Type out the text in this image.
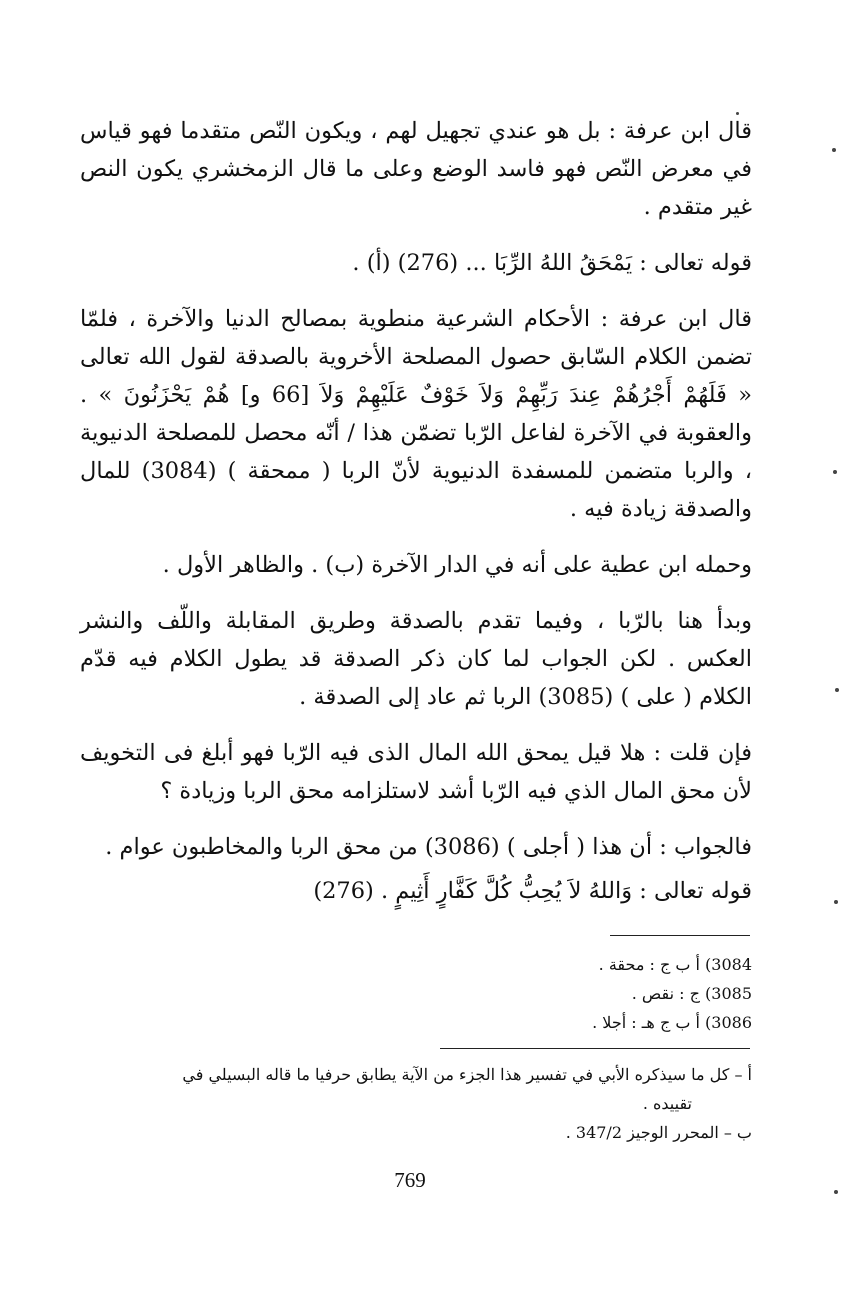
قال ابن عرفة : بل هو عندي تجهيل لهم ، ويكون النّص متقدما فهو قياس في معرض النّص فهو فاسد الوضع وعلى ما قال الزمخشري يكون النص غير متقدم .

قوله تعالى : يَمْحَقُ اللهُ الرِّبَا ... (276) (أ) .

قال ابن عرفة : الأحكام الشرعية منطوية بمصالح الدنيا والآخرة ، فلمّا تضمن الكلام السّابق حصول المصلحة الأخروية بالصدقة لقول الله تعالى « فَلَهُمْ أَجْرُهُمْ عِندَ رَبِّهِمْ وَلاَ خَوْفٌ عَلَيْهِمْ وَلاَ [66 و] هُمْ يَحْزَنُونَ » . والعقوبة في الآخرة لفاعل الرّبا تضمّن هذا / أنّه محصل للمصلحة الدنيوية ، والربا متضمن للمسفدة الدنيوية لأنّ الربا ( ممحقة ) (3084) للمال والصدقة زيادة فيه .

وحمله ابن عطية على أنه في الدار الآخرة (ب) . والظاهر الأول .

وبدأ هنا بالرّبا ، وفيما تقدم بالصدقة وطريق المقابلة واللّف والنشر العكس . لكن الجواب لما كان ذكر الصدقة قد يطول الكلام فيه قدّم الكلام ( على ) (3085) الربا ثم عاد إلى الصدقة .

فإن قلت : هلا قيل يمحق الله المال الذى فيه الرّبا فهو أبلغ فى التخويف لأن محق المال الذي فيه الرّبا أشد لاستلزامه محق الربا وزيادة ؟

فالجواب : أن هذا ( أجلى ) (3086) من محق الربا والمخاطبون عوام .

قوله تعالى : وَاللهُ لاَ يُحِبُّ كُلَّ كَفَّارٍ أَثِيمٍ . (276)

3084) أ ب ج : محقة .
3085) ج : نقص .
3086) أ ب ج هـ : أجلا .
أ – كل ما سيذكره الأبي في تفسير هذا الجزء من الآية يطابق حرفيا ما قاله البسيلي في
تقييده .
ب – المحرر الوجيز 347/2 .
769
